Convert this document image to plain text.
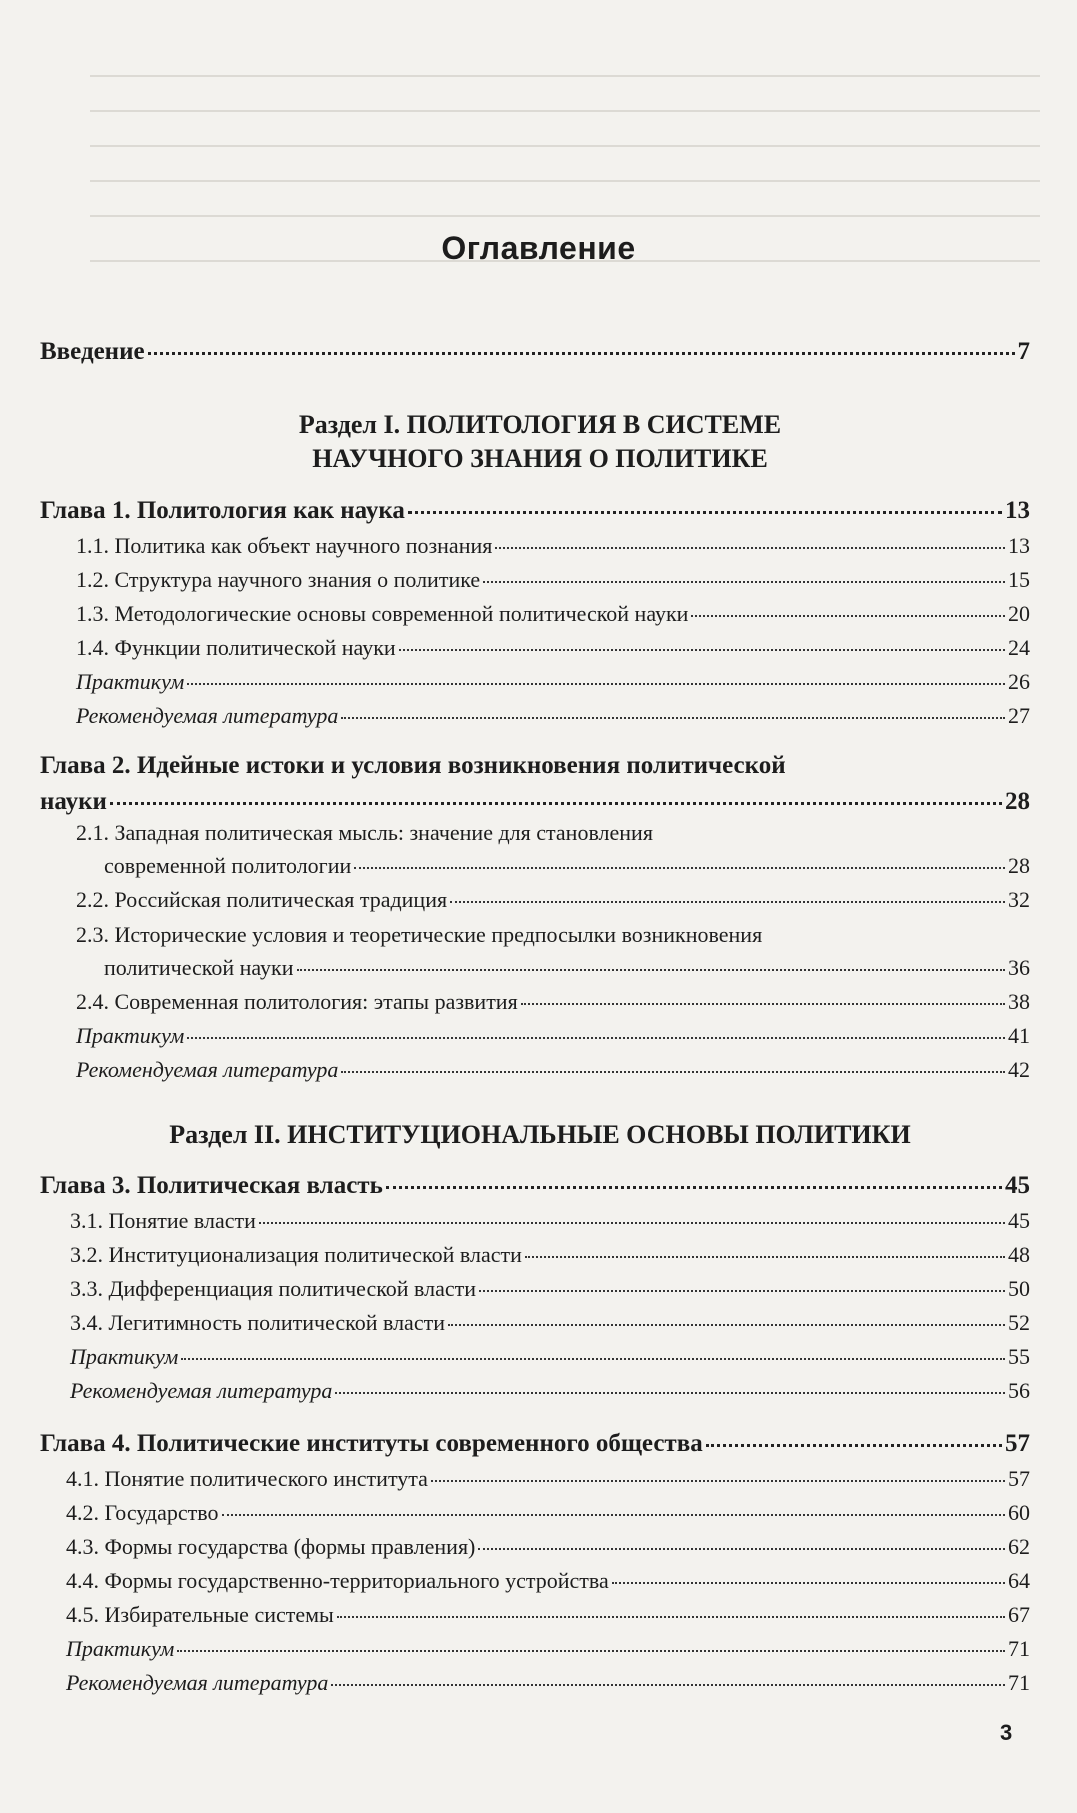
Оглавление
Введение	7
Раздел I. ПОЛИТОЛОГИЯ В СИСТЕМЕ
НАУЧНОГО ЗНАНИЯ О ПОЛИТИКЕ
Глава 1. Политология как наука	13
1.1. Политика как объект научного познания	13
1.2. Структура научного знания о политике	15
1.3. Методологические основы современной политической науки	20
1.4. Функции политической науки	24
Практикум	26
Рекомендуемая литература	27
Глава 2. Идейные истоки и условия возникновения политической
науки	28
2.1. Западная политическая мысль: значение для становления
современной политологии	28
2.2. Российская политическая традиция	32
2.3. Исторические условия и теоретические предпосылки возникновения
политической науки	36
2.4. Современная политология: этапы развития	38
Практикум	41
Рекомендуемая литература	42
Раздел II. ИНСТИТУЦИОНАЛЬНЫЕ ОСНОВЫ ПОЛИТИКИ
Глава 3. Политическая власть	45
3.1. Понятие власти	45
3.2. Институционализация политической власти	48
3.3. Дифференциация политической власти	50
3.4. Легитимность политической власти	52
Практикум	55
Рекомендуемая литература	56
Глава 4. Политические институты современного общества	57
4.1. Понятие политического института	57
4.2. Государство	60
4.3. Формы государства (формы правления)	62
4.4. Формы государственно-территориального устройства	64
4.5. Избирательные системы	67
Практикум	71
Рекомендуемая литература	71
3
